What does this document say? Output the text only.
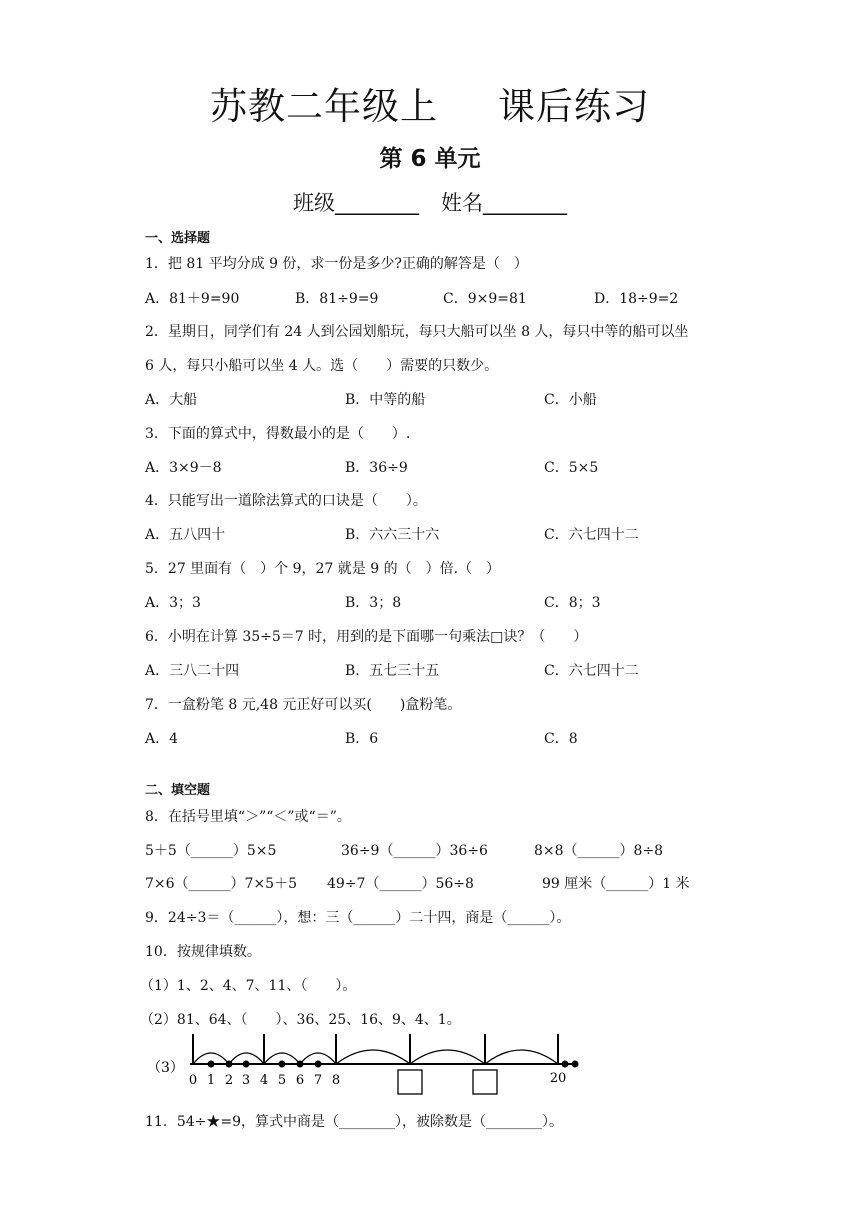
苏教二年级上 课后练习
第 6 单元
班级________ 姓名________
一、选择题
1．把 81 平均分成 9 份，求一份是多少?正确的解答是（　）
A．81＋9=90	B．81÷9=9	C．9×9=81	D．18÷9=2
2．星期日，同学们有 24 人到公园划船玩，每只大船可以坐 8 人，每只中等的船可以坐
6 人，每只小船可以坐 4 人。选（　　）需要的只数少。
A．大船	B．中等的船	C．小船
3．下面的算式中，得数最小的是（　　）.
A．3×9－8	B．36÷9	C．5×5
4．只能写出一道除法算式的口诀是（　　）。
A．五八四十	B．六六三十六	C．六七四十二
5．27 里面有（　）个 9，27 就是 9 的（　）倍.（　）
A．3；3	B．3；8	C．8；3
6．小明在计算 35÷5＝7 时，用到的是下面哪一句乘法□诀？（　　）
A．三八二十四	B．五七三十五	C．六七四十二
7．一盒粉笔 8 元,48 元正好可以买(　　)盒粉笔。
A．4	B．6	C．8
二、填空题
8．在括号里填“＞”“＜”或“＝”。
5＋5（______）5×5	36÷9（______）36÷6	8×8（______）8÷8
7×6（______）7×5＋5 49÷7（______）56÷8	99 厘米（______）1 米
9．24÷3＝（______），想：三（______）二十四，商是（______）。
10．按规律填数。
（1）1、2、4、7、11、（　　）。
（2）81、64、（　　）、36、25、16、9、4、1。
（3）
0 1 2 3 4 5 6 7 8	20
11．54÷★=9，算式中商是（________），被除数是（________）。
